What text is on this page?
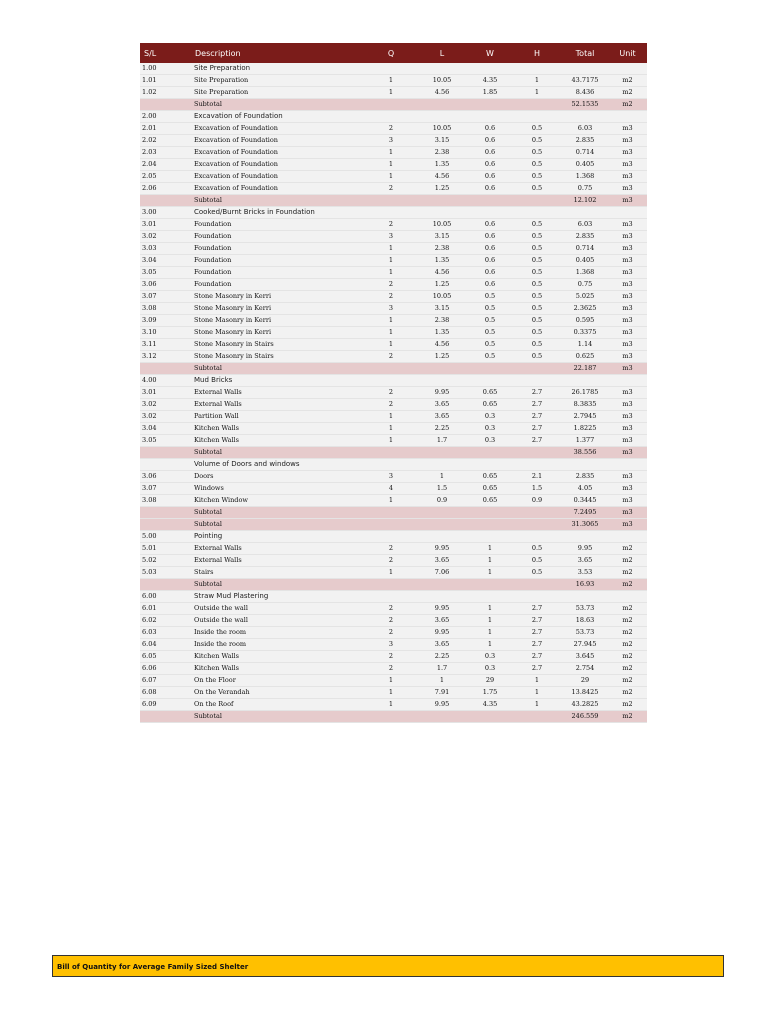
S/L	Description	Q	L	W	H	Total	Unit
1.00	Site Preparation						
1.01	Site Preparation	1	10.05	4.35	1	43.7175	m2
1.02	Site Preparation	1	4.56	1.85	1	8.436	m2
	Subtotal					52.1535	m2
2.00	Excavation of Foundation						
2.01	Excavation of Foundation	2	10.05	0.6	0.5	6.03	m3
2.02	Excavation of Foundation	3	3.15	0.6	0.5	2.835	m3
2.03	Excavation of Foundation	1	2.38	0.6	0.5	0.714	m3
2.04	Excavation of Foundation	1	1.35	0.6	0.5	0.405	m3
2.05	Excavation of Foundation	1	4.56	0.6	0.5	1.368	m3
2.06	Excavation of Foundation	2	1.25	0.6	0.5	0.75	m3
	Subtotal					12.102	m3
3.00	Cooked/Burnt Bricks in Foundation						
3.01	Foundation	2	10.05	0.6	0.5	6.03	m3
3.02	Foundation	3	3.15	0.6	0.5	2.835	m3
3.03	Foundation	1	2.38	0.6	0.5	0.714	m3
3.04	Foundation	1	1.35	0.6	0.5	0.405	m3
3.05	Foundation	1	4.56	0.6	0.5	1.368	m3
3.06	Foundation	2	1.25	0.6	0.5	0.75	m3
3.07	Stone Masonry in Kerri	2	10.05	0.5	0.5	5.025	m3
3.08	Stone Masonry in Kerri	3	3.15	0.5	0.5	2.3625	m3
3.09	Stone Masonry in Kerri	1	2.38	0.5	0.5	0.595	m3
3.10	Stone Masonry in Kerri	1	1.35	0.5	0.5	0.3375	m3
3.11	Stone Masonry in Stairs	1	4.56	0.5	0.5	1.14	m3
3.12	Stone Masonry in Stairs	2	1.25	0.5	0.5	0.625	m3
	Subtotal					22.187	m3
4.00	Mud Bricks						
3.01	External Walls	2	9.95	0.65	2.7	26.1785	m3
3.02	External Walls	2	3.65	0.65	2.7	8.3835	m3
3.02	Partition Wall	1	3.65	0.3	2.7	2.7945	m3
3.04	Kitchen Walls	1	2.25	0.3	2.7	1.8225	m3
3.05	Kitchen Walls	1	1.7	0.3	2.7	1.377	m3
	Subtotal					38.556	m3
	Volume of Doors and windows						
3.06	Doors	3	1	0.65	2.1	2.835	m3
3.07	Windows	4	1.5	0.65	1.5	4.05	m3
3.08	Kitchen Window	1	0.9	0.65	0.9	0.3445	m3
	Subtotal					7.2495	m3
	Subtotal					31.3065	m3
5.00	Pointing						
5.01	External Walls	2	9.95	1	0.5	9.95	m2
5.02	External Walls	2	3.65	1	0.5	3.65	m2
5.03	Stairs	1	7.06	1	0.5	3.53	m2
	Subtotal					16.93	m2
6.00	Straw Mud Plastering						
6.01	Outside the wall	2	9.95	1	2.7	53.73	m2
6.02	Outside the wall	2	3.65	1	2.7	18.63	m2
6.03	Inside the room	2	9.95	1	2.7	53.73	m2
6.04	Inside the room	3	3.65	1	2.7	27.945	m2
6.05	Kitchen Walls	2	2.25	0.3	2.7	3.645	m2
6.06	Kitchen Walls	2	1.7	0.3	2.7	2.754	m2
6.07	On the Floor	1	1	29	1	29	m2
6.08	On the Verandah	1	7.91	1.75	1	13.8425	m2
6.09	On the Roof	1	9.95	4.35	1	43.2825	m2
	Subtotal					246.559	m2
Bill of Quantity for Average Family Sized Shelter
